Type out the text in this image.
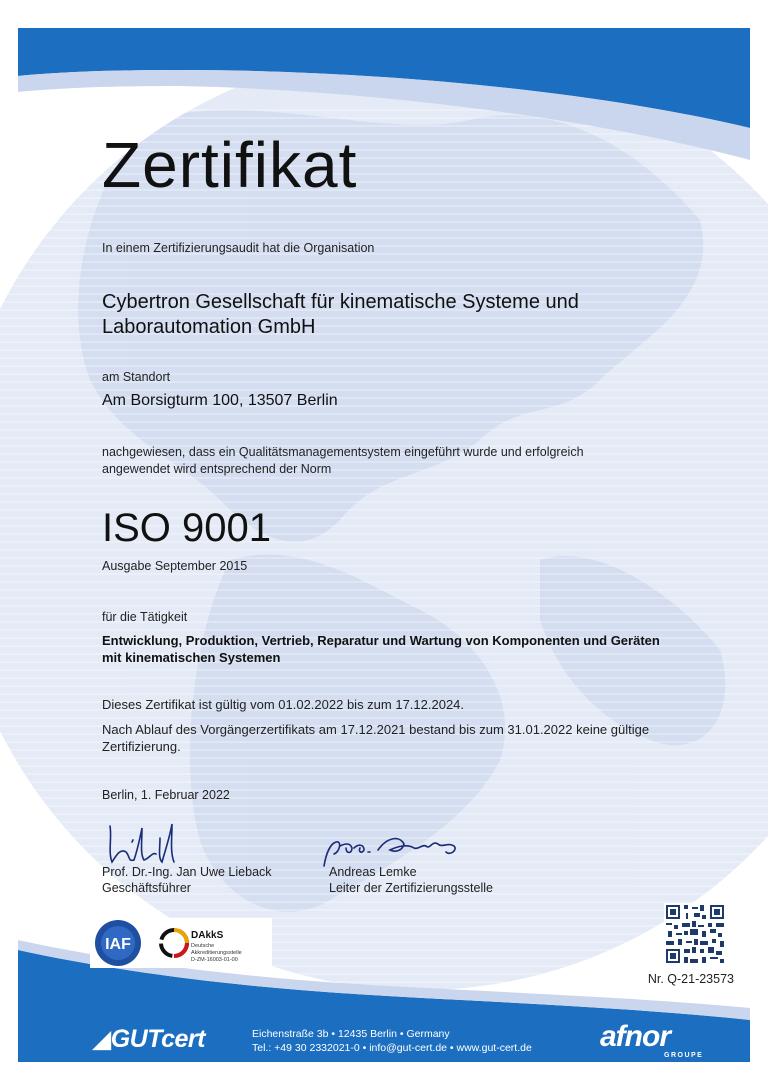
Zertifikat
In einem Zertifizierungsaudit hat die Organisation
Cybertron Gesellschaft für kinematische Systeme und
Laborautomation GmbH
am Standort
Am Borsigturm 100, 13507 Berlin
nachgewiesen, dass ein Qualitätsmanagementsystem eingeführt wurde und erfolgreich
angewendet wird entsprechend der Norm
ISO 9001
Ausgabe September 2015
für die Tätigkeit
Entwicklung, Produktion, Vertrieb, Reparatur und Wartung von Komponenten und Geräten
mit kinematischen Systemen
Dieses Zertifikat ist gültig vom 01.02.2022 bis zum 17.12.2024.
Nach Ablauf des Vorgängerzertifikats am 17.12.2021 bestand bis zum 31.01.2022 keine gültige
Zertifizierung.
Berlin, 1. Februar 2022
Prof. Dr.-Ing. Jan Uwe Lieback
Geschäftsführer
Andreas Lemke
Leiter der Zertifizierungsstelle
IAF
DAkkS
Deutsche
Akkreditierungsstelle
D-ZM-16003-01-00
Nr. Q-21-23573
◢GUTcert	Eichenstraße 3b • 12435 Berlin • Germany
Tel.: +49 30 2332021-0 • info@gut-cert.de • www.gut-cert.de afnor
GROUPE
